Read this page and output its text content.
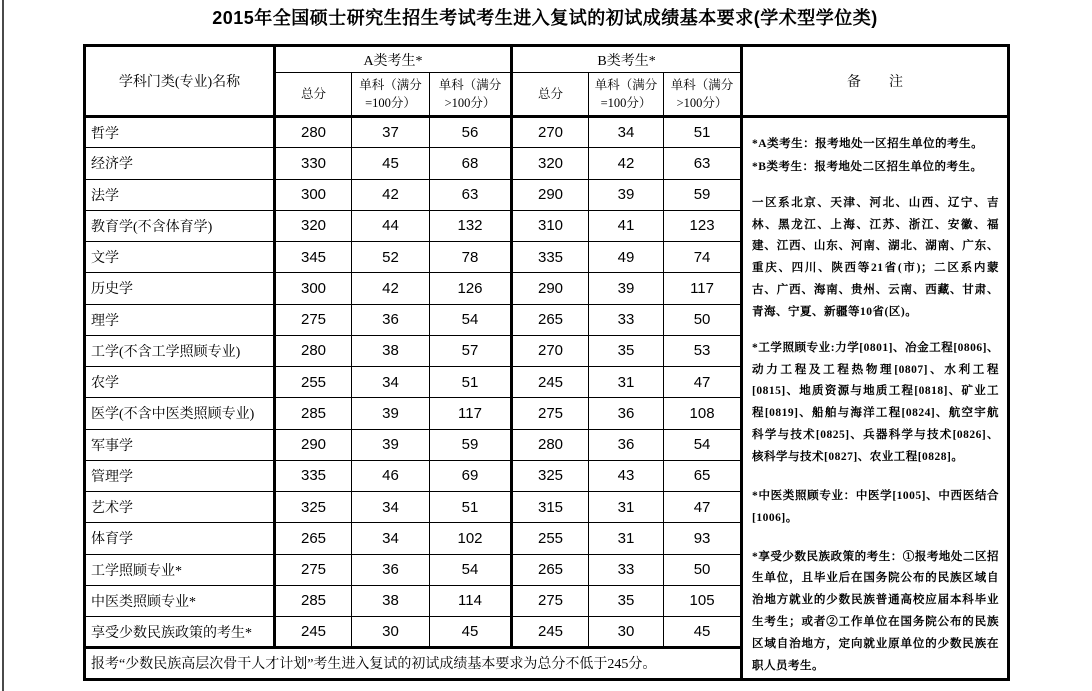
2015年全国硕士研究生招生考试考生进入复试的初试成绩基本要求(学术型学位类)
学科门类(专业)名称	A类考生*			B类考生*			备　　注
	总分	单科（满分=100分）	单科（满分>100分）	总分	单科（满分=100分）	单科（满分>100分）	
哲学	280	37	56	270	34	51	

*A类考生：报考地处一区招生单位的考生。

*B类考生：报考地处二区招生单位的考生。

一区系北京、天津、河北、山西、辽宁、吉林、黑龙江、上海、江苏、浙江、安徽、福建、江西、山东、河南、湖北、湖南、广东、重庆、四川、陕西等21省(市)；二区系内蒙古、广西、海南、贵州、云南、西藏、甘肃、青海、宁夏、新疆等10省(区)。

*工学照顾专业:力学[0801]、冶金工程[0806]、动力工程及工程热物理[0807]、水利工程[0815]、地质资源与地质工程[0818]、矿业工程[0819]、船舶与海洋工程[0824]、航空宇航科学与技术[0825]、兵器科学与技术[0826]、核科学与技术[0827]、农业工程[0828]。

*中医类照顾专业：中医学[1005]、中西医结合[1006]。

*享受少数民族政策的考生：①报考地处二区招生单位，且毕业后在国务院公布的民族区域自治地方就业的少数民族普通高校应届本科毕业生考生；或者②工作单位在国务院公布的民族区域自治地方，定向就业原单位的少数民族在职人员考生。

经济学	330	45	68	320	42	63	
法学	300	42	63	290	39	59	
教育学(不含体育学)	320	44	132	310	41	123	
文学	345	52	78	335	49	74	
历史学	300	42	126	290	39	117	
理学	275	36	54	265	33	50	
工学(不含工学照顾专业)	280	38	57	270	35	53	
农学	255	34	51	245	31	47	
医学(不含中医类照顾专业)	285	39	117	275	36	108	
军事学	290	39	59	280	36	54	
管理学	335	46	69	325	43	65	
艺术学	325	34	51	315	31	47	
体育学	265	34	102	255	31	93	
工学照顾专业*	275	36	54	265	33	50	
中医类照顾专业*	285	38	114	275	35	105	
享受少数民族政策的考生*	245	30	45	245	30	45	
报考“少数民族高层次骨干人才计划”考生进入复试的初试成绩基本要求为总分不低于245分。							
